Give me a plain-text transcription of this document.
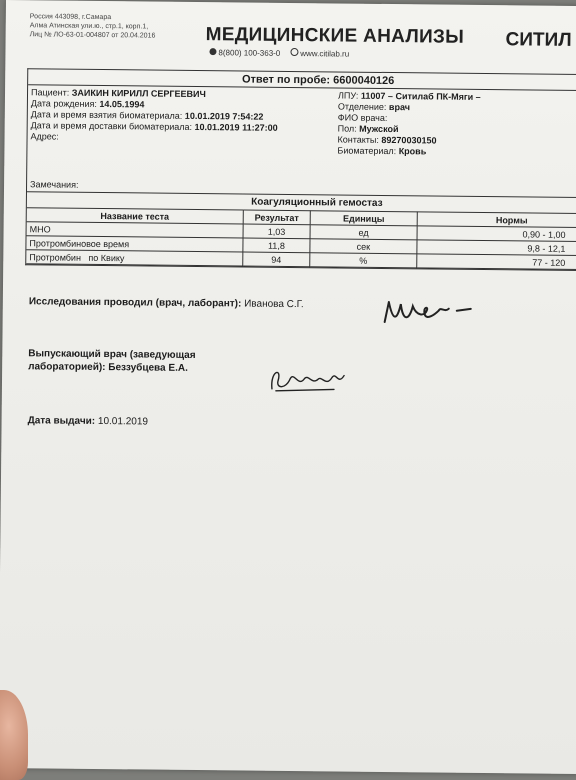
Россия 443098, г.Самара
Алма Атинская ули.ю., стр.1, корп.1,
Лиц № ЛО-63-01-004807 от 20.04.2016	МЕДИЦИНСКИЕ АНАЛИЗЫ СИТИЛ
8(800) 100-363-0	www.citilab.ru
Ответ по пробе: 6600040126
Пациент: ЗАИКИН КИРИЛЛ СЕРГЕЕВИЧ
Дата рождения: 14.05.1994
Дата и время взятия биоматериала: 10.01.2019 7:54:22
Дата и время доставки биоматериала: 10.01.2019 11:27:00
Адрес:
ЛПУ: 11007 – Ситилаб ПК-Мяги –
Отделение: врач
ФИО врача:
Пол: Мужской
Контакты: 89270030150
Биоматериал: Кровь
Замечания:
Коагуляционный гемостаз
Название теста	Результат	Единицы	Нормы
МНО	1,03	ед	0,90 - 1,00
Протромбиновое время	11,8	сек	9,8 - 12,1
Протромбин   по Квику	94	%	77 - 120
Исследования проводил (врач, лаборант): Иванова С.Г.
Выпускающий врач (заведующая
лабораторией): Беззубцева Е.А.
Дата выдачи: 10.01.2019
